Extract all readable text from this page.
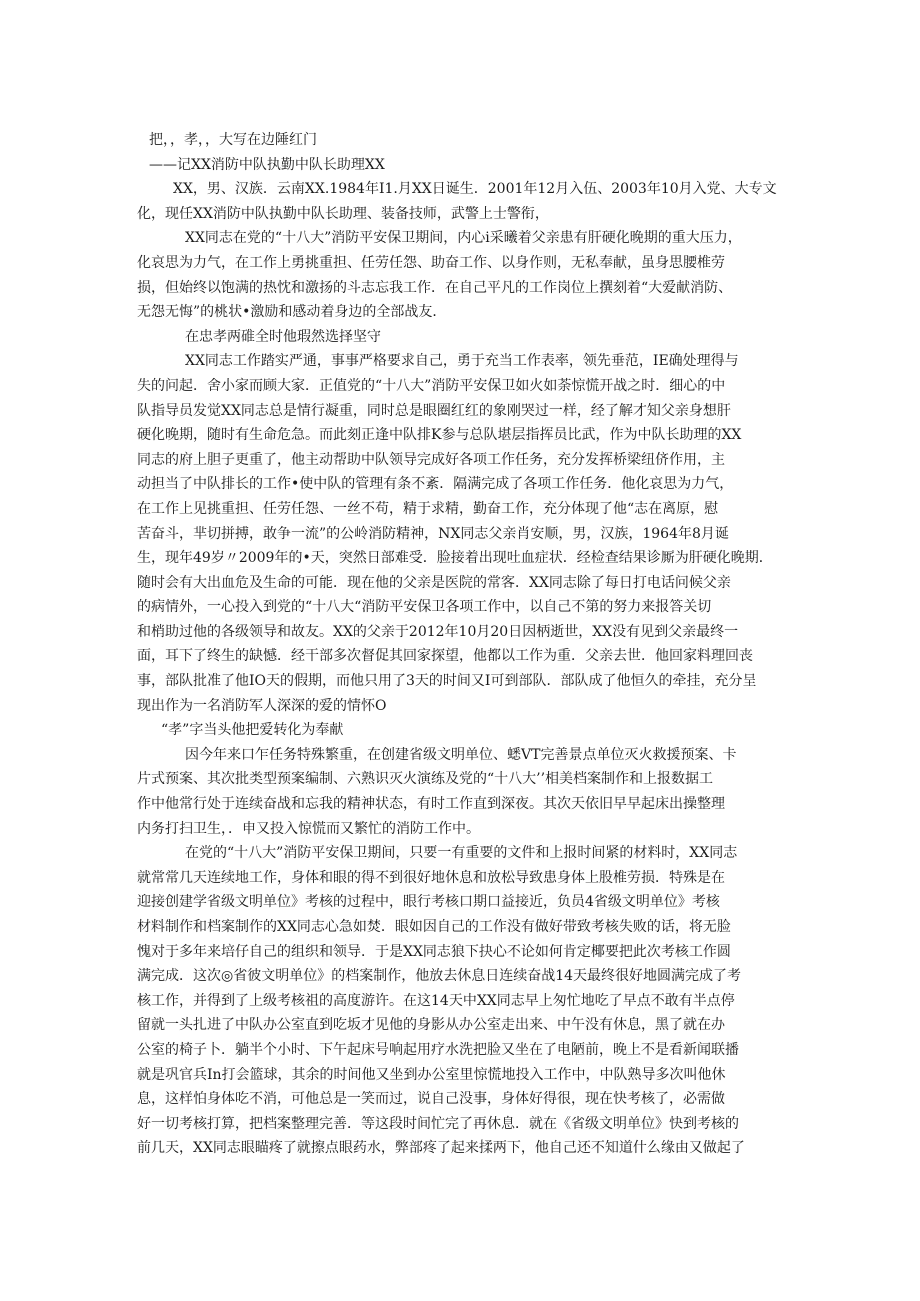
把，，孝，，大写在边陲红门
——记XX消防中队执勤中队长助理XX
XX，男、汉族．云南XX.1984年I1.月XX日诞生．2001年12月入伍、2003年10月入党、大专文
化，现任XX消防中队执勤中队长助理、装备技师，武警上士警衔，
XX同志在党的“十八大”消防平安保卫期间，内心i采曦着父亲患有肝硬化晚期的重大压力，
化哀思为力气，在工作上勇挑重担、任劳任怨、助奋工作、以身作则，无私奉献，虽身思腰椎劳
损，但始终以饱满的热忱和激扬的斗志忘我工作．在自己平凡的工作岗位上撰刻着“大爱献消防、
无怨无悔”的桃状•激励和感动着身边的全部战友．
在忠孝两碓全时他瑕然选择坚守
XX同志工作踏实严通，事事严格要求自己，勇于充当工作表率，领先垂范，IE确处理得与
失的问起．舍小家而顾大家．正值党的“十八大”消防平安保卫如火如荼惊慌开战之时．细心的中
队指导员发觉XX同志总是情行凝重，同时总是眼圈红红的象刚哭过一样，经了解才知父亲身想肝
硬化晚期，随时有生命危急。而此刻正逢中队排K参与总队堪层指挥员比武，作为中队长助理的XX
同志的府上胆子更重了，他主动帮助中队领导完成好各项工作任务，充分发挥桥梁纽侪作用，主
动担当了中队排长的工作•使中队的管理有条不紊．隔满完成了各项工作任务．他化哀思为力气，
在工作上见挑重担、任劳任怨、一丝不苟，精于求精，勤奋工作，充分体现了他“志在离原，慰
苦奋斗，芈切拼搏，敢争一流”的公岭消防精神，NX同志父亲肖安顺，男，汉族，1964年8月诞
生，现年49岁〃2009年的•天，突然日部难受．脸接着出现吐血症状．经检查结果诊厮为肝硬化晚期．
随时会有大出血危及生命的可能．现在他的父亲是医院的常客．XX同志除了每日打电话问候父亲
的病情外，一心投入到党的“十八大“消防平安保卫各项工作中，以自己不第的努力来报答关切
和梢助过他的各级领导和故友。XX的父亲于2012年10月20日因柄逝世，XX没有见到父亲最终一
面，耳下了终生的缺憾．经干部多次督促其回家探望，他都以工作为重．父亲去世．他回家料理回丧
事，部队批准了他IO天的假期，而他只用了3天的时间又I可到部队．部队成了他恒久的牵挂，充分呈
现出作为一名消防军人深深的爱的情怀O
“孝”字当头他把爱转化为奉献
因今年来口乍任务特殊繁重，在创建省级文明单位、蟋VT完善景点单位灭火救援预案、卡
片式预案、其次批类型预案编制、六熟识灭火演练及党的“十八大’’相美档案制作和上报数据工
作中他常行处于连续奋战和忘我的精神状态，有时工作直到深夜。其次天依旧早早起床出操整理
内务打扫卫生，．申又投入惊慌而又繁忙的消防工作中。
在党的“十八大”消防平安保卫期间，只要一有重要的文件和上报时间紧的材料时，XX同志
就常常几天连续地工作，身体和眼的得不到很好地休息和放松导致患身体上股椎劳损．特殊是在
迎接创建学省级文明单位》考核的过程中，眼行考核口期口益接近，负员4省级文明单位》考核
材料制作和档案制作的XX同志心急如焚．眼如因自己的工作没有做好带致考核失败的话，将无脸
愧对于多年来培仔自己的组织和领导．于是XX同志狼下抉心不论如何肯定椰要把此次考核工作圆
满完成．这次◎省彼文明单位》的档案制作，他放去休息日连续奋战14天最终很好地圆满完成了考
核工作，并得到了上级考核祖的高度游许。在这14天中XX同志早上匆忙地吃了早点不敢有半点停
留就一头扎进了中队办公室直到吃坂才见他的身影从办公室走出来、中午没有休息，黑了就在办
公室的椅子卜．躺半个小时、下午起床号响起用疗水洗把脸又坐在了电陋前，晚上不是看新闻联播
就是巩官兵In打会篮球，其余的时间他又坐到办公室里惊慌地投入工作中，中队熟导多次叫他休
息，这样怕身体吃不消，可他总是一笑而过，说自己没事，身体好得很，现在快考核了，必需做
好一切考核打算，把档案整理完善．等这段时间忙完了再休息．就在《省级文明单位》快到考核的
前几天，XX同志眼瞄疼了就擦点眼药水，弊部疼了起来揉两下，他自己还不知道什么缘由又做起了
